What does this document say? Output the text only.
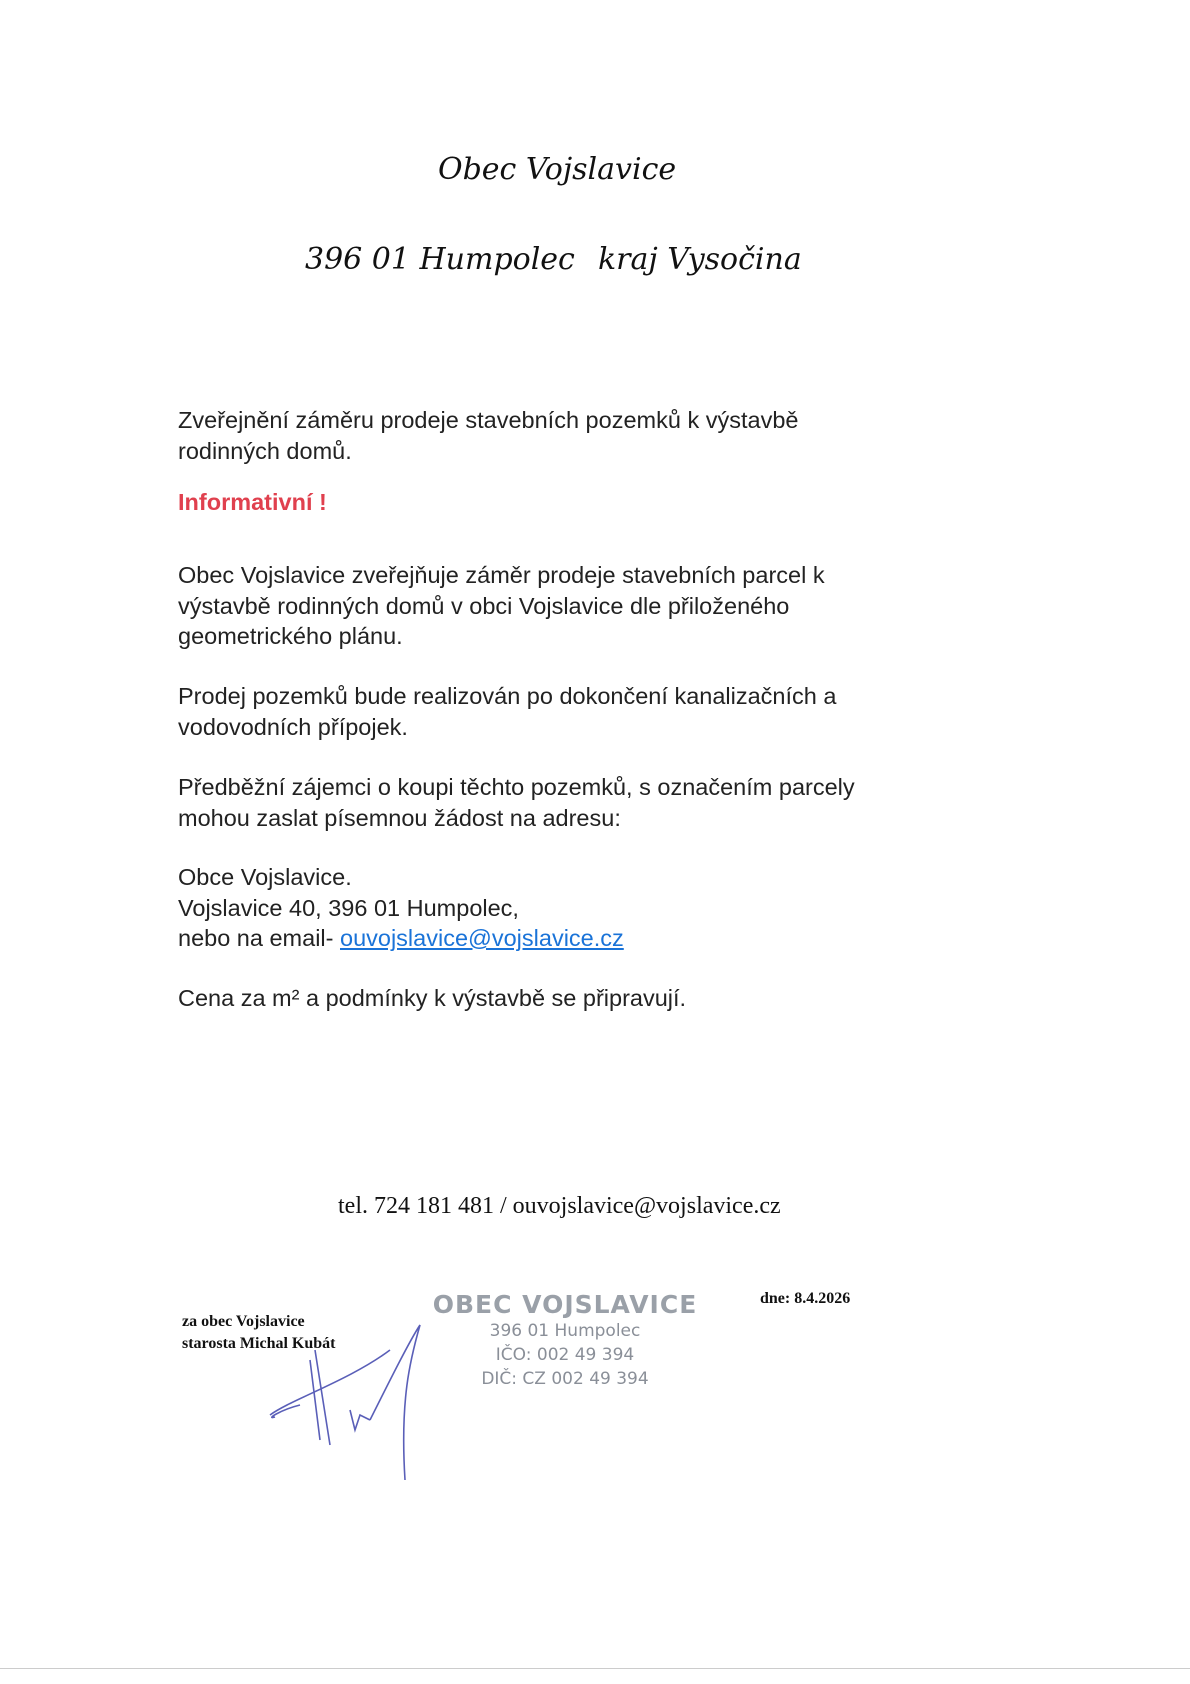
Obec Vojslavice
396 01 Humpolec kraj Vysočina
Zveřejnění záměru prodeje stavebních pozemků k výstavbě
rodinných domů.
Informativní !
Obec Vojslavice zveřejňuje záměr prodeje stavebních parcel k
výstavbě rodinných domů v obci Vojslavice dle přiloženého
geometrického plánu.
Prodej pozemků bude realizován po dokončení kanalizačních a
vodovodních přípojek.
Předběžní zájemci o koupi těchto pozemků, s označením parcely
mohou zaslat písemnou žádost na adresu:
Obce Vojslavice.
Vojslavice 40, 396 01 Humpolec,
nebo na email- ouvojslavice@vojslavice.cz
Cena za m² a podmínky k výstavbě se připravují.
tel. 724 181 481 / ouvojslavice@vojslavice.cz
za obec Vojslavice
starosta Michal Kubát
dne: 8.4.2026
OBEC VOJSLAVICE
396 01 Humpolec
IČO: 002 49 394
DIČ: CZ 002 49 394
